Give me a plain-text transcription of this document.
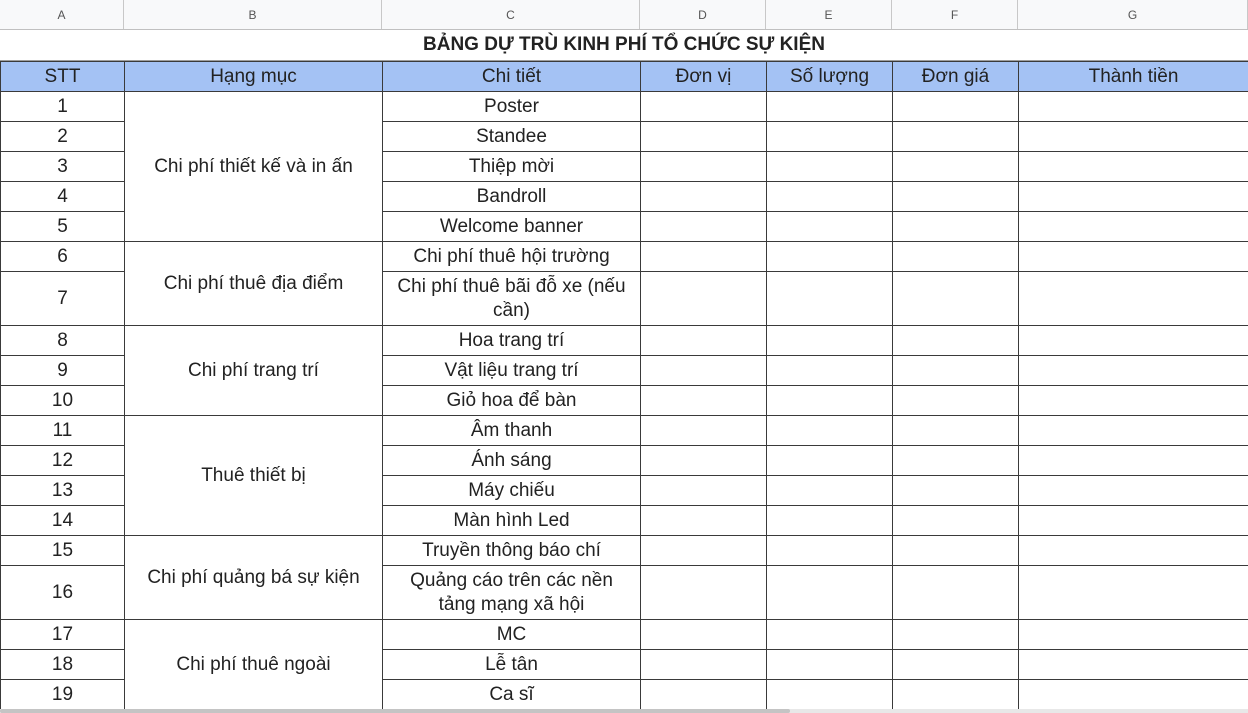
A	B	C	D	E	F	G
BẢNG DỰ TRÙ KINH PHÍ TỔ CHỨC SỰ KIỆN
STT	Hạng mục	Chi tiết	Đơn vị	Số lượng	Đơn giá	Thành tiền
1	Chi phí thiết kế và in ấn	Poster				
2		Standee				
3		Thiệp mời				
4		Bandroll				
5		Welcome banner				
6	Chi phí thuê địa điểm	Chi phí thuê hội trường				
7		Chi phí thuê bãi đỗ xe (nếu cần)				
8	Chi phí trang trí	Hoa trang trí				
9		Vật liệu trang trí				
10		Giỏ hoa để bàn				
11	Thuê thiết bị	Âm thanh				
12		Ánh sáng				
13		Máy chiếu				
14		Màn hình Led				
15	Chi phí quảng bá sự kiện	Truyền thông báo chí				
16		Quảng cáo trên các nền tảng mạng xã hội				
17	Chi phí thuê ngoài	MC				
18		Lễ tân				
19		Ca sĩ				
